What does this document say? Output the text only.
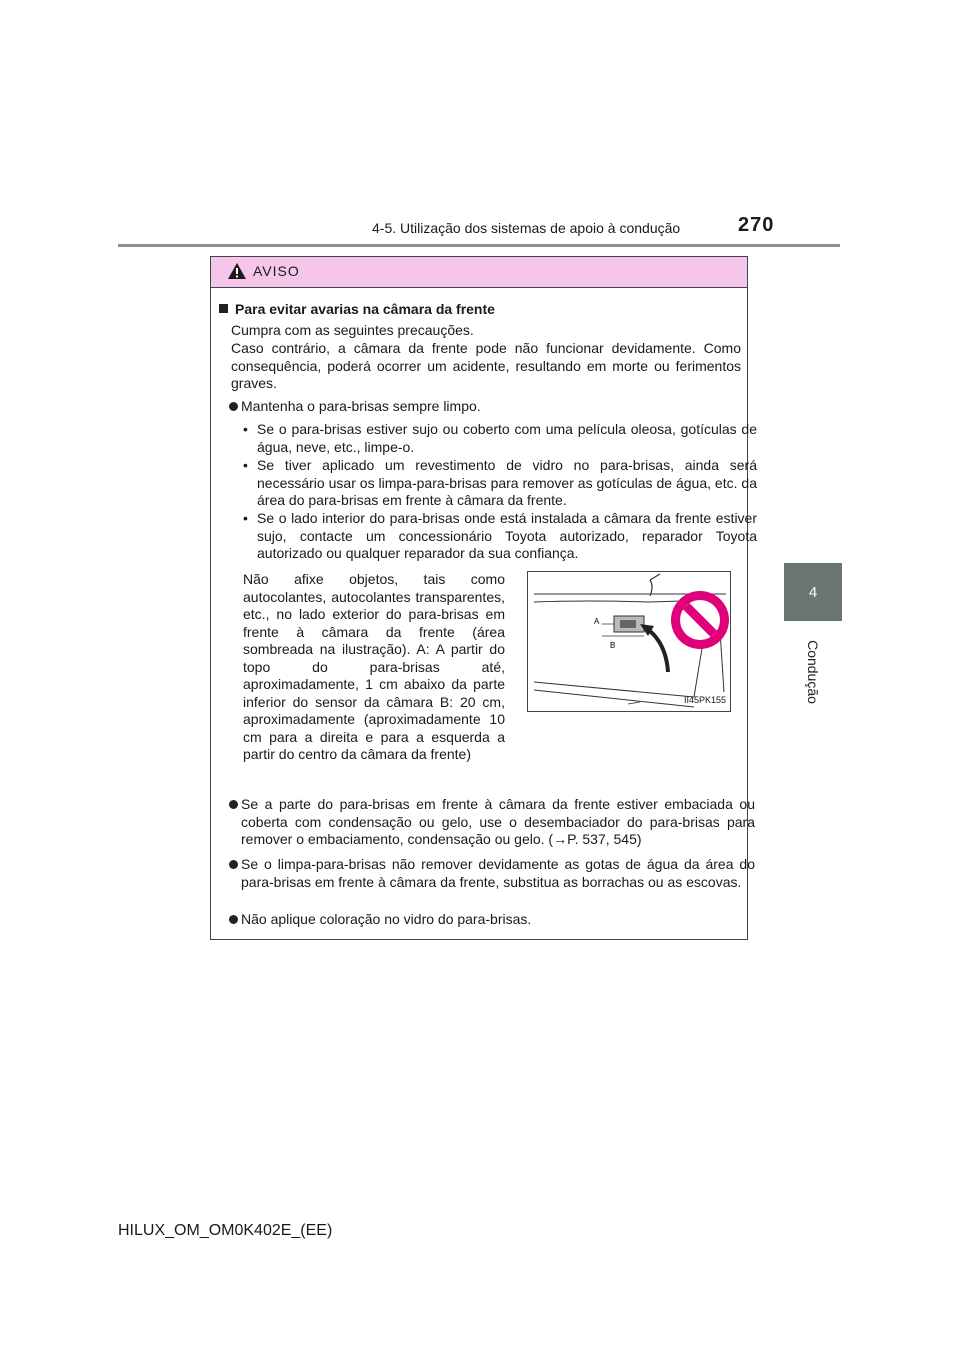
4-5. Utilização dos sistemas de apoio à condução	270
4
Condução
AVISO
Para evitar avarias na câmara da frente
Cumpra com as seguintes precauções.
Caso contrário, a câmara da frente pode não funcionar devidamente. Como consequência, poderá ocorrer um acidente, resultando em morte ou ferimentos graves.
Mantenha o para-brisas sempre limpo.
• Se o para-brisas estiver sujo ou coberto com uma película oleosa, gotículas de água, neve, etc., limpe-o.
• Se tiver aplicado um revestimento de vidro no para-brisas, ainda será necessário usar os limpa-para-brisas para remover as gotículas de água, etc. da área do para-brisas em frente à câmara da frente.
• Se o lado interior do para-brisas onde está instalada a câmara da frente estiver sujo, contacte um concessionário Toyota autorizado, reparador Toyota autorizado ou qualquer reparador da sua confiança.
Não afixe objetos, tais como autocolantes, autocolantes transparentes, etc., no lado exterior do para-brisas em frente à câmara da frente (área sombreada na ilustração). A: A partir do topo do para-brisas até, aproximadamente, 1 cm abaixo da parte inferior do sensor da câmara B: 20 cm, aproximadamente (aproximadamente 10 cm para a direita e para a esquerda a partir do centro da câmara da frente)
A
B
II45PK155
Se a parte do para-brisas em frente à câmara da frente estiver embaciada ou coberta com condensação ou gelo, use o desembaciador do para-brisas para remover o embaciamento, condensação ou gelo. (→P. 537, 545)
Se o limpa-para-brisas não remover devidamente as gotas de água da área do para-brisas em frente à câmara da frente, substitua as borrachas ou as escovas.
Não aplique coloração no vidro do para-brisas.
HILUX_OM_OM0K402E_(EE)
